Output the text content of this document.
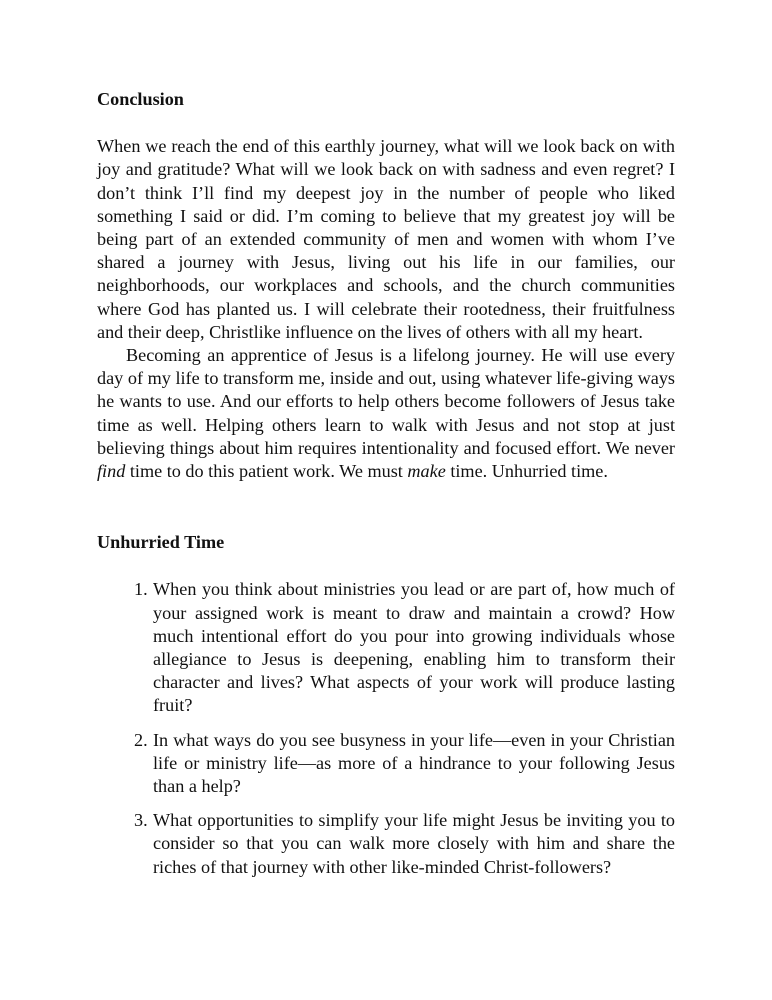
Conclusion

When we reach the end of this earthly journey, what will we look back on with joy and gratitude? What will we look back on with sadness and even regret? I don’t think I’ll find my deepest joy in the number of people who liked something I said or did. I’m coming to believe that my greatest joy will be being part of an extended community of men and women with whom I’ve shared a journey with Jesus, living out his life in our families, our neighborhoods, our workplaces and schools, and the church communities where God has planted us. I will celebrate their rootedness, their fruitfulness and their deep, Christlike influence on the lives of others with all my heart.

Becoming an apprentice of Jesus is a lifelong journey. He will use every day of my life to transform me, inside and out, using whatever life-giving ways he wants to use. And our efforts to help others become followers of Jesus take time as well. Helping others learn to walk with Jesus and not stop at just believing things about him requires intentionality and focused effort. We never find time to do this patient work. We must make time. Unhurried time.

Unhurried Time
1. When you think about ministries you lead or are part of, how much of your assigned work is meant to draw and maintain a crowd? How much intentional effort do you pour into growing individuals whose allegiance to Jesus is deepening, enabling him to transform their character and lives? What aspects of your work will produce lasting fruit?
2. In what ways do you see busyness in your life—even in your Christian life or ministry life—as more of a hindrance to your following Jesus than a help?
3. What opportunities to simplify your life might Jesus be inviting you to consider so that you can walk more closely with him and share the riches of that journey with other like-minded Christ-followers?
